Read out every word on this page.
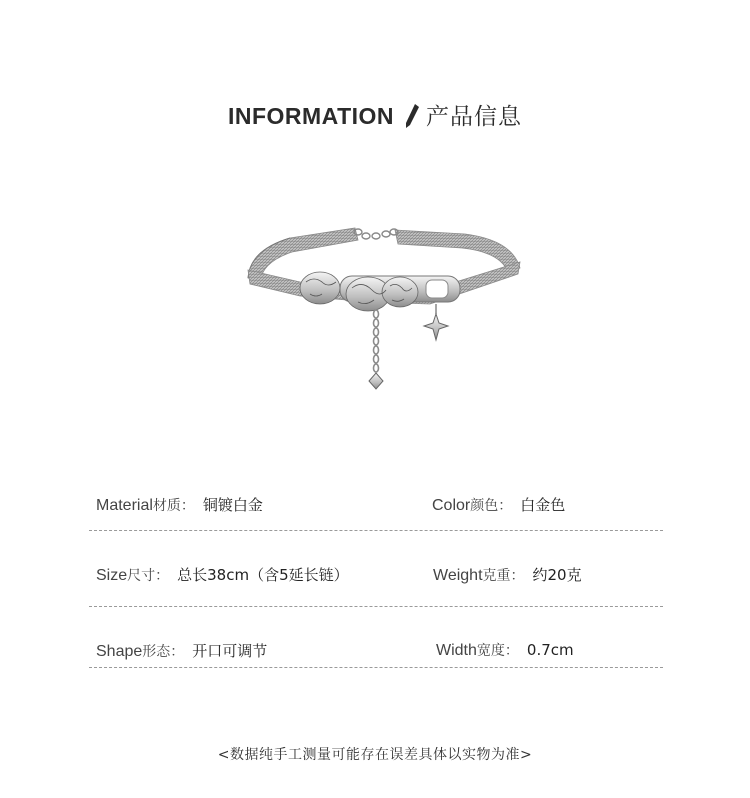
INFORMATION 产品信息
Material材质： 铜镀白金	Color颜色： 白金色
Size尺寸： 总长38cm（含5延长链）	Weight克重： 约20克
Shape形态： 开口可调节	Width宽度： 0.7cm
<数据纯手工测量可能存在误差具体以实物为准>
